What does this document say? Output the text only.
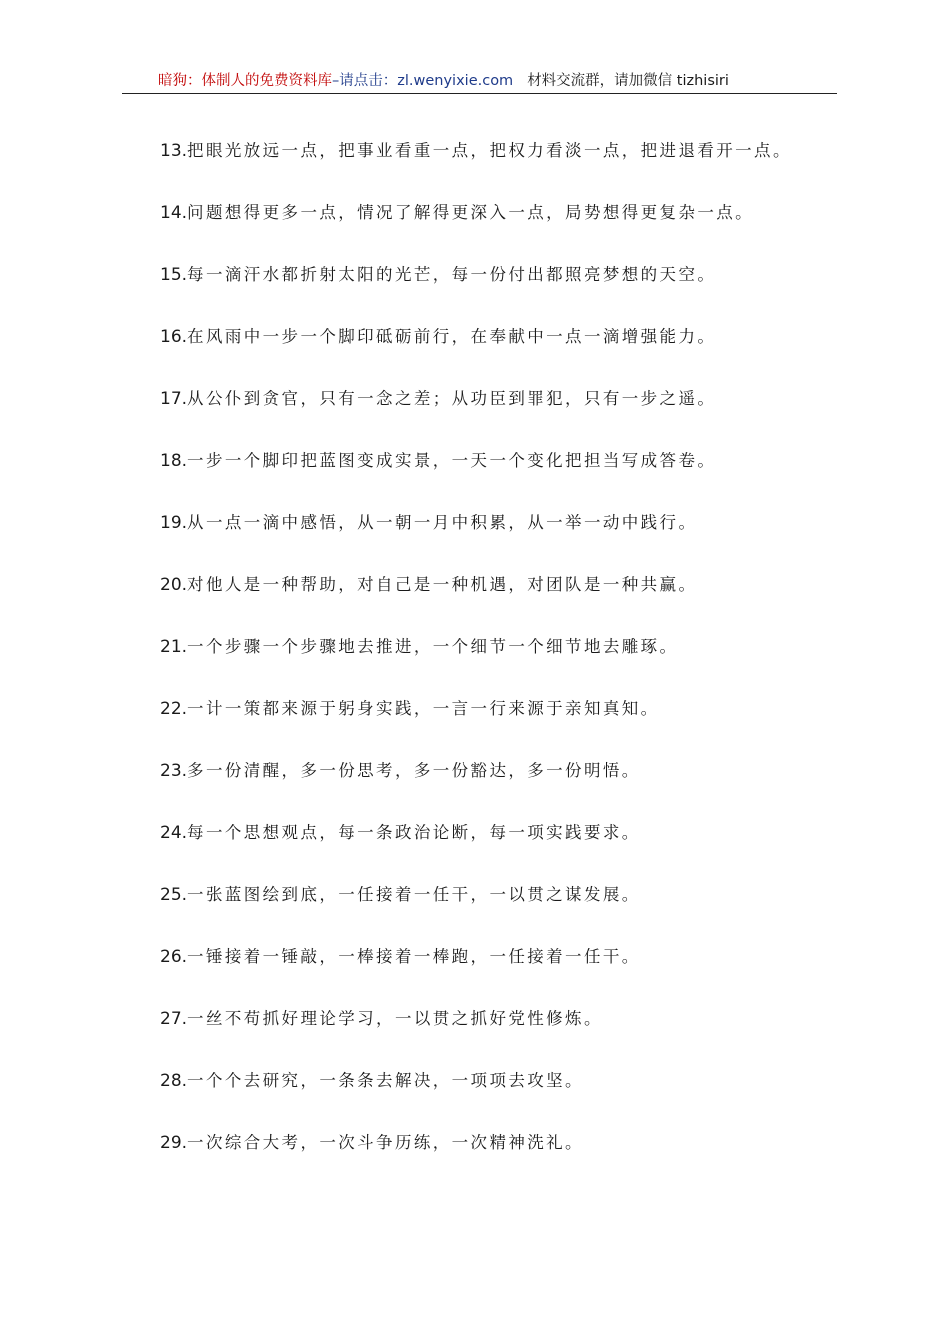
暗狗：体制人的免费资料库–请点击：zl.wenyixie.com 材料交流群，请加微信 tizhisiri
13.把眼光放远一点，把事业看重一点，把权力看淡一点，把进退看开一点。
14.问题想得更多一点，情况了解得更深入一点，局势想得更复杂一点。
15.每一滴汗水都折射太阳的光芒，每一份付出都照亮梦想的天空。
16.在风雨中一步一个脚印砥砺前行，在奉献中一点一滴增强能力。
17.从公仆到贪官，只有一念之差；从功臣到罪犯，只有一步之遥。
18.一步一个脚印把蓝图变成实景，一天一个变化把担当写成答卷。
19.从一点一滴中感悟，从一朝一月中积累，从一举一动中践行。
20.对他人是一种帮助，对自己是一种机遇，对团队是一种共赢。
21.一个步骤一个步骤地去推进，一个细节一个细节地去雕琢。
22.一计一策都来源于躬身实践，一言一行来源于亲知真知。
23.多一份清醒，多一份思考，多一份豁达，多一份明悟。
24.每一个思想观点，每一条政治论断，每一项实践要求。
25.一张蓝图绘到底，一任接着一任干，一以贯之谋发展。
26.一锤接着一锤敲，一棒接着一棒跑，一任接着一任干。
27.一丝不苟抓好理论学习，一以贯之抓好党性修炼。
28.一个个去研究，一条条去解决，一项项去攻坚。
29.一次综合大考，一次斗争历练，一次精神洗礼。
